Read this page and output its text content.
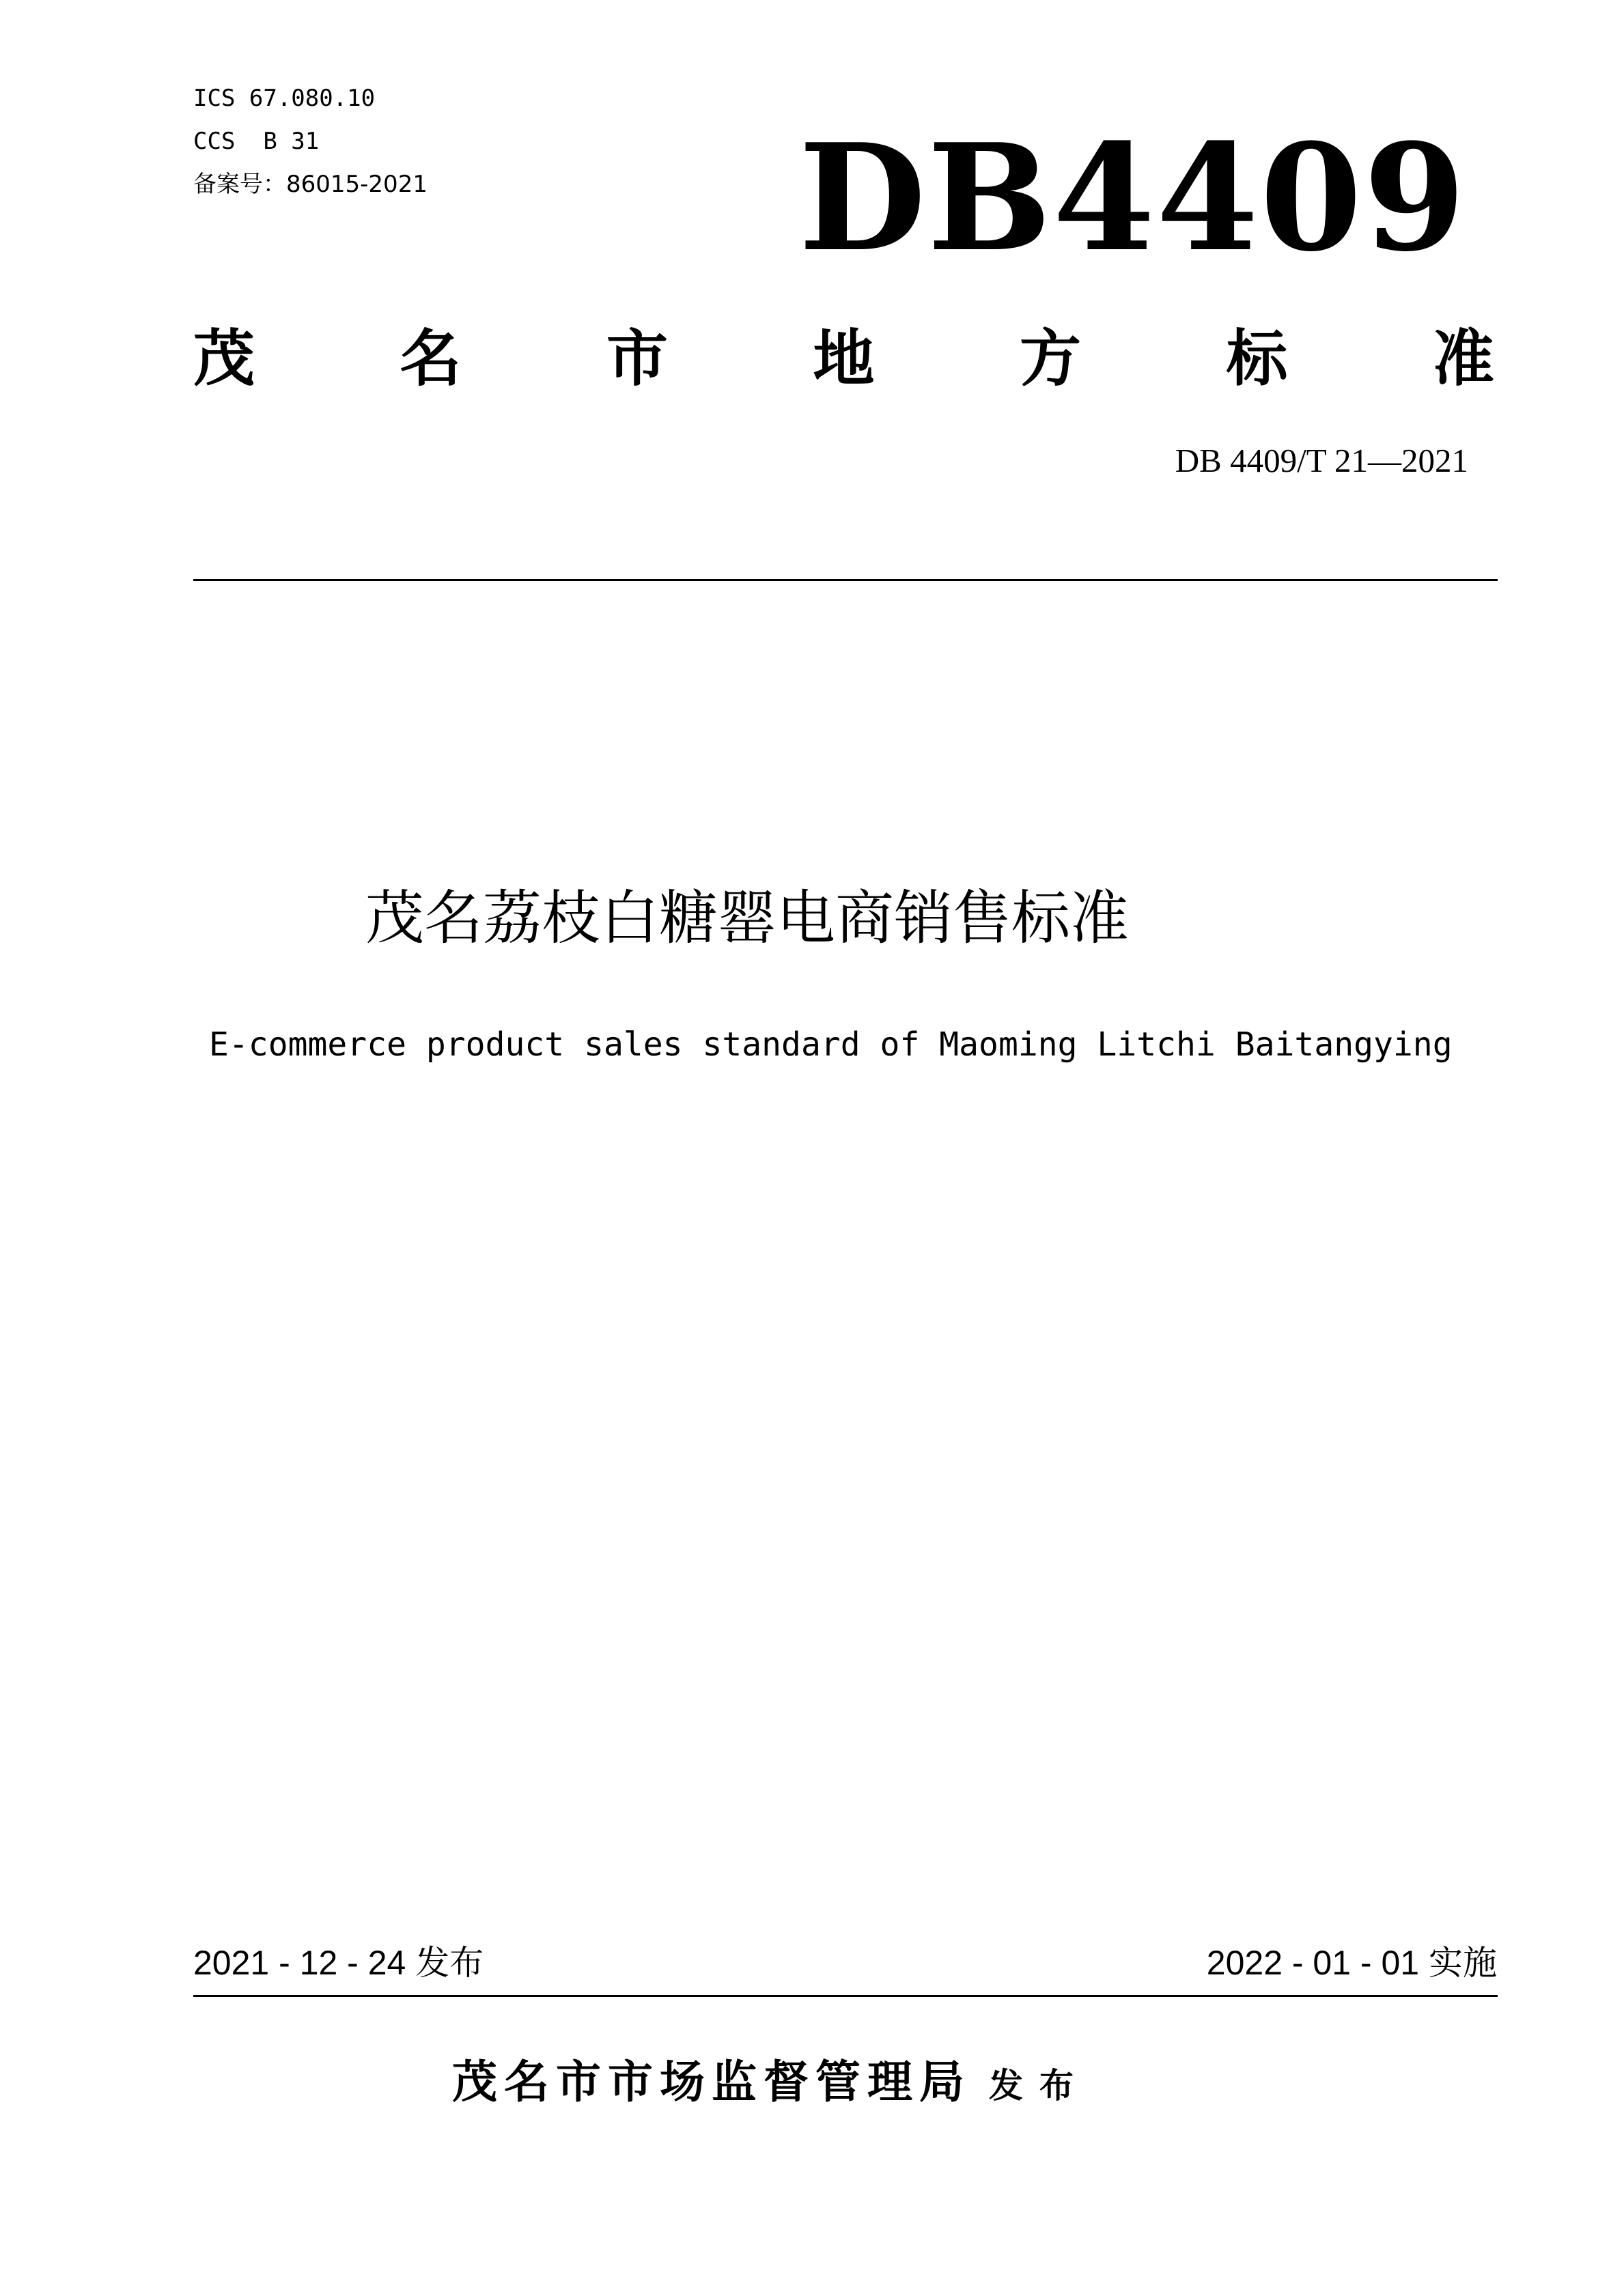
ICS 67.080.10
CCS  B 31
备案号：86015-2021	DB4409
茂 名 市 地 方 标 准
DB 4409/T 21—2021
茂名荔枝白糖罂电商销售标准
E-commerce product sales standard of Maoming Litchi Baitangying
2021 - 12 - 24 发布	2022 - 01 - 01 实施
茂名市市场监督管理局 发布
